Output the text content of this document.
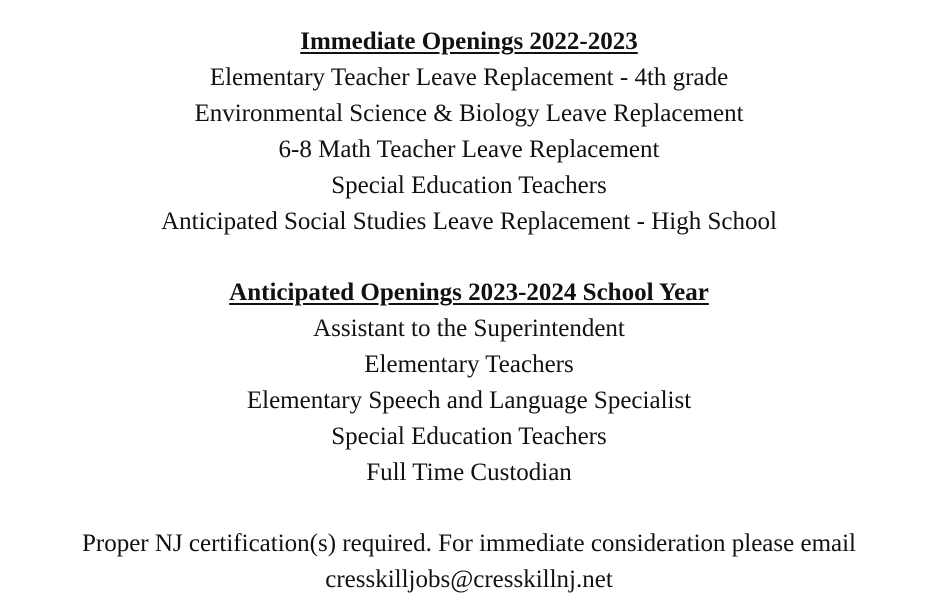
Immediate Openings 2022-2023
Elementary Teacher Leave Replacement - 4th grade
Environmental Science & Biology Leave Replacement
6-8 Math Teacher Leave Replacement
Special Education Teachers
Anticipated Social Studies Leave Replacement - High School
Anticipated Openings 2023-2024 School Year
Assistant to the Superintendent
Elementary Teachers
Elementary Speech and Language Specialist
Special Education Teachers
Full Time Custodian
Proper NJ certification(s) required. For immediate consideration please email
cresskilljobs@cresskillnj.net
